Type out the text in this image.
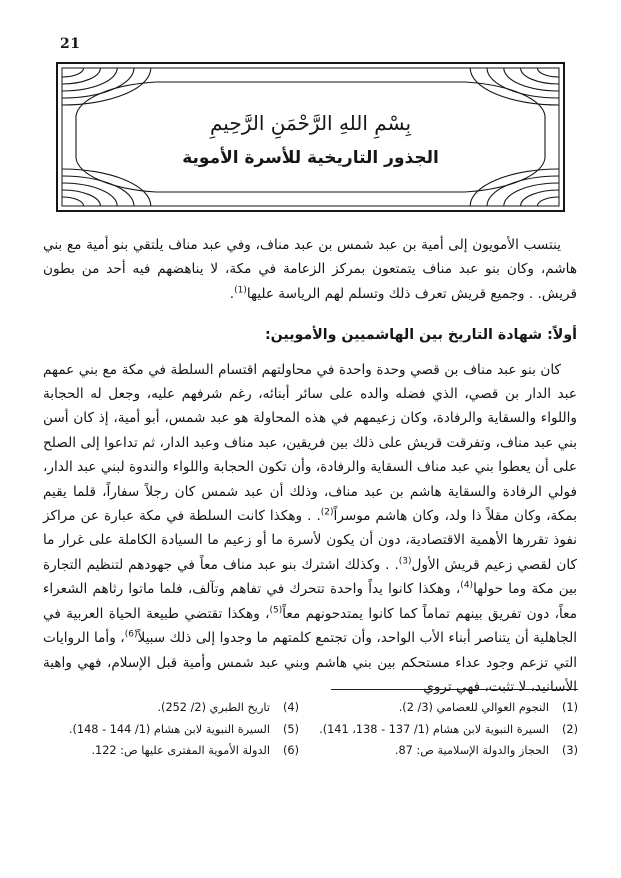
21
بِسْمِ اللهِ الرَّحْمَنِ الرَّحِيمِ
الجذور التاريخية للأسرة الأموية

ينتسب الأمويون إلى أمية بن عبد شمس بن عبد مناف، وفي عبد مناف يلتقي بنو أمية مع بني هاشم، وكان بنو عبد مناف يتمتعون بمركز الزعامة في مكة، لا يناهضهم فيه أحد من بطون قريش. . وجميع قريش تعرف ذلك وتسلم لهم الرياسة عليها$^{(1)}$.

أولاً: شهادة التاريخ بين الهاشميين والأمويين:

كان بنو عبد مناف بن قصي وحدة واحدة في محاولتهم اقتسام السلطة في مكة مع بني عمهم عبد الدار بن قصي، الذي فضله والده على سائر أبنائه، رغم شرفهم عليه، وجعل له الحجابة واللواء والسقاية والرفادة، وكان زعيمهم في هذه المحاولة هو عبد شمس، أبو أمية، إذ كان أسن بني عبد مناف، وتفرقت قريش على ذلك بين فريقين، عبد مناف وعبد الدار، ثم تداعوا إلى الصلح على أن يعطوا بني عبد مناف السقاية والرفادة، وأن تكون الحجابة واللواء والندوة لبني عبد الدار، فولي الرفادة والسقاية هاشم بن عبد مناف، وذلك أن عبد شمس كان رجلاً سفاراً، قلما يقيم بمكة، وكان مقلاً ذا ولد، وكان هاشم موسراً$^{(2)}$. . وهكذا كانت السلطة في مكة عبارة عن مراكز نفوذ تقررها الأهمية الاقتصادية، دون أن يكون لأسرة ما أو زعيم ما السيادة الكاملة على غرار ما كان لقصي زعيم قريش الأول$^{(3)}$. . وكذلك اشترك بنو عبد مناف معاً في جهودهم لتنظيم التجارة بين مكة وما حولها$^{(4)}$، وهكذا كانوا يداً واحدة تتحرك في تفاهم وتآلف، فلما ماتوا رثاهم الشعراء معاً، دون تفريق بينهم تماماً كما كانوا يمتدحونهم معاً$^{(5)}$، وهكذا تقتضي طبيعة الحياة العربية في الجاهلية أن يتناصر أبناء الأب الواحد، وأن تجتمع كلمتهم ما وجدوا إلى ذلك سبيلاً$^{(6)}$، وأما الروايات التي تزعم وجود عداء مستحكم بين بني هاشم وبني عبد شمس وأمية قبل الإسلام، فهي واهية الأسانيد، لا تثبت، فهي تروي

(1)
النجوم العوالي للعصامي (3/ 2).
(2)
السيرة النبوية لابن هشام (1/ 137 - 138، 141).
(3)
الحجاز والدولة الإسلامية ص: 87.
(4)
تاريخ الطبري (2/ 252).
(5)
السيرة النبوية لابن هشام (1/ 144 - 148).
(6)
الدولة الأموية المفترى عليها ص: 122.
